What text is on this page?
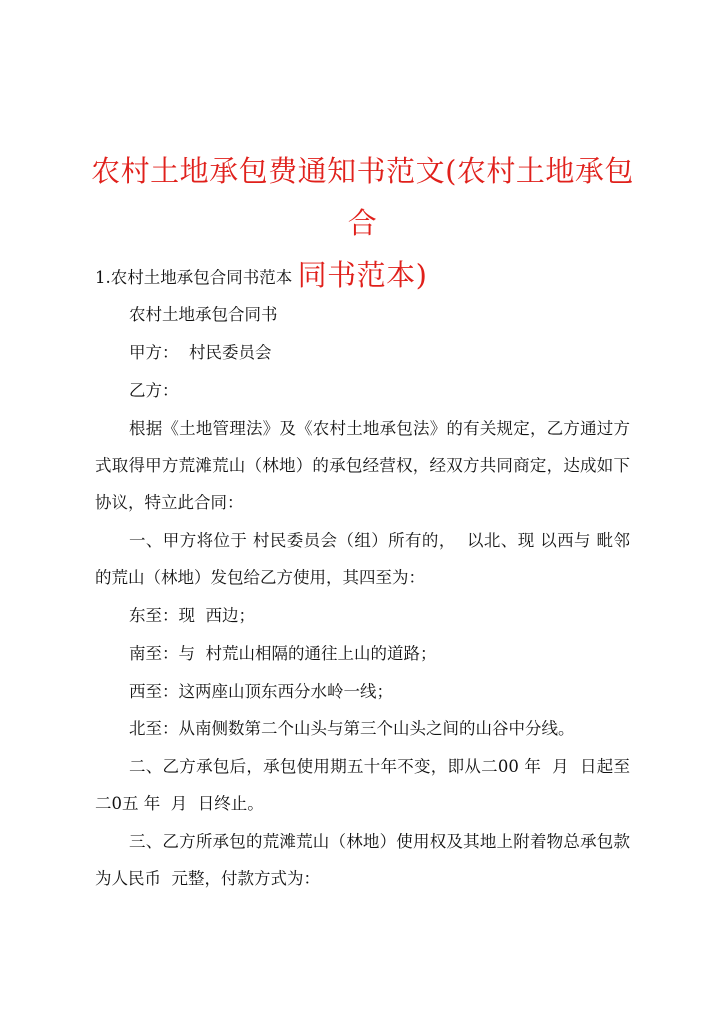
农村土地承包费通知书范文(农村土地承包合
同书范本)

1.农村土地承包合同书范本

农村土地承包合同书

甲方：  村民委员会

乙方：

根据《土地管理法》及《农村土地承包法》的有关规定，乙方通过方式取得甲方荒滩荒山（林地）的承包经营权，经双方共同商定，达成如下协议，特立此合同：

一、甲方将位于 村民委员会（组）所有的，  以北、现 以西与 毗邻的荒山（林地）发包给乙方使用，其四至为：

东至：现  西边；

南至：与  村荒山相隔的通往上山的道路；

西至：这两座山顶东西分水岭一线；

北至：从南侧数第二个山头与第三个山头之间的山谷中分线。

二、乙方承包后，承包使用期五十年不变，即从二00 年  月  日起至二0五 年  月  日终止。

三、乙方所承包的荒滩荒山（林地）使用权及其地上附着物总承包款为人民币  元整，付款方式为：
